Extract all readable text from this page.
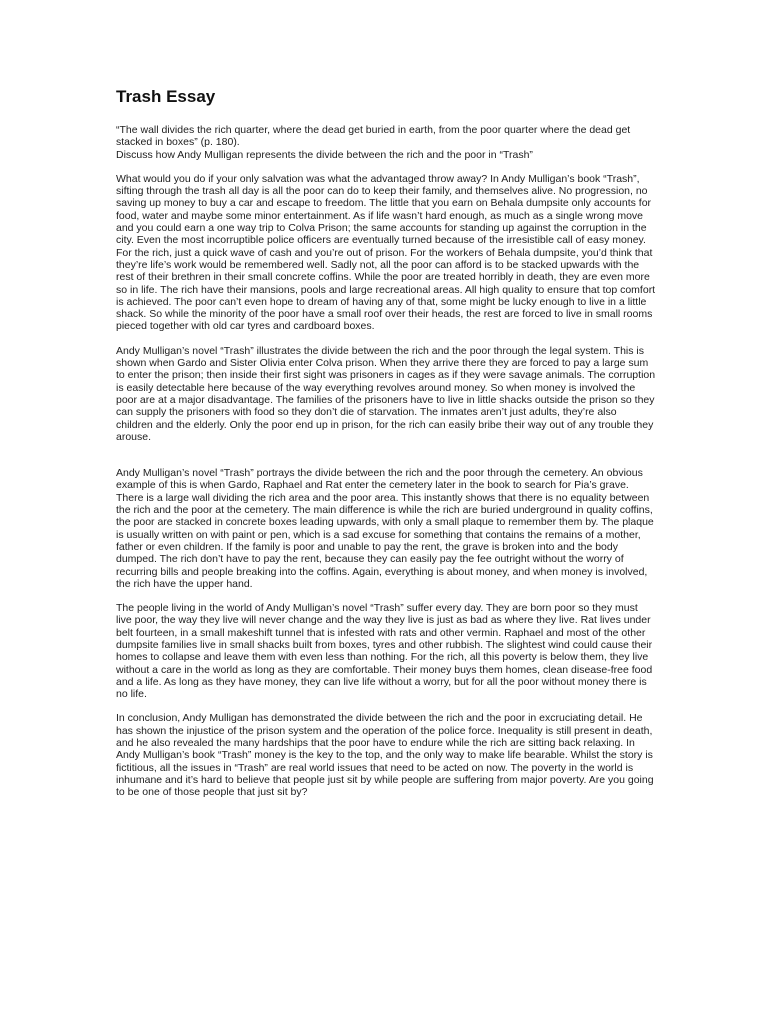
Trash Essay

“The wall divides the rich quarter, where the dead get buried in earth, from the poor quarter where the dead get stacked in boxes” (p. 180).

Discuss how Andy Mulligan represents the divide between the rich and the poor in “Trash”

What would you do if your only salvation was what the advantaged throw away? In Andy Mulligan’s book “Trash”, sifting through the trash all day is all the poor can do to keep their family, and themselves alive. No progression, no saving up money to buy a car and escape to freedom. The little that you earn on Behala dumpsite only accounts for food, water and maybe some minor entertainment. As if life wasn’t hard enough, as much as a single wrong move and you could earn a one way trip to Colva Prison; the same accounts for standing up against the corruption in the city. Even the most incorruptible police officers are eventually turned because of the irresistible call of easy money. For the rich, just a quick wave of cash and you’re out of prison. For the workers of Behala dumpsite, you’d think that they’re life’s work would be remembered well. Sadly not, all the poor can afford is to be stacked upwards with the rest of their brethren in their small concrete coffins. While the poor are treated horribly in death, they are even more so in life. The rich have their mansions, pools and large recreational areas. All high quality to ensure that top comfort is achieved. The poor can’t even hope to dream of having any of that, some might be lucky enough to live in a little shack. So while the minority of the poor have a small roof over their heads, the rest are forced to live in small rooms pieced together with old car tyres and cardboard boxes.

Andy Mulligan’s novel “Trash” illustrates the divide between the rich and the poor through the legal system. This is shown when Gardo and Sister Olivia enter Colva prison. When they arrive there they are forced to pay a large sum to enter the prison; then inside their first sight was prisoners in cages as if they were savage animals. The corruption is easily detectable here because of the way everything revolves around money. So when money is involved the poor are at a major disadvantage. The families of the prisoners have to live in little shacks outside the prison so they can supply the prisoners with food so they don’t die of starvation. The inmates aren’t just adults, they’re also children and the elderly. Only the poor end up in prison, for the rich can easily bribe their way out of any trouble they arouse.

Andy Mulligan’s novel “Trash” portrays the divide between the rich and the poor through the cemetery. An obvious example of this is when Gardo, Raphael and Rat enter the cemetery later in the book to search for Pia’s grave. There is a large wall dividing the rich area and the poor area. This instantly shows that there is no equality between the rich and the poor at the cemetery. The main difference is while the rich are buried underground in quality coffins, the poor are stacked in concrete boxes leading upwards, with only a small plaque to remember them by. The plaque is usually written on with paint or pen, which is a sad excuse for something that contains the remains of a mother, father or even children. If the family is poor and unable to pay the rent, the grave is broken into and the body dumped. The rich don’t have to pay the rent, because they can easily pay the fee outright without the worry of recurring bills and people breaking into the coffins. Again, everything is about money, and when money is involved, the rich have the upper hand.

The people living in the world of Andy Mulligan’s novel “Trash” suffer every day. They are born poor so they must live poor, the way they live will never change and the way they live is just as bad as where they live. Rat lives under belt fourteen, in a small makeshift tunnel that is infested with rats and other vermin. Raphael and most of the other dumpsite families live in small shacks built from boxes, tyres and other rubbish. The slightest wind could cause their homes to collapse and leave them with even less than nothing. For the rich, all this poverty is below them, they live without a care in the world as long as they are comfortable. Their money buys them homes, clean disease-free food and a life. As long as they have money, they can live life without a worry, but for all the poor without money there is no life.

In conclusion, Andy Mulligan has demonstrated the divide between the rich and the poor in excruciating detail. He has shown the injustice of the prison system and the operation of the police force. Inequality is still present in death, and he also revealed the many hardships that the poor have to endure while the rich are sitting back relaxing. In Andy Mulligan’s book “Trash” money is the key to the top, and the only way to make life bearable. Whilst the story is fictitious, all the issues in “Trash” are real world issues that need to be acted on now. The poverty in the world is inhumane and it’s hard to believe that people just sit by while people are suffering from major poverty. Are you going to be one of those people that just sit by?
